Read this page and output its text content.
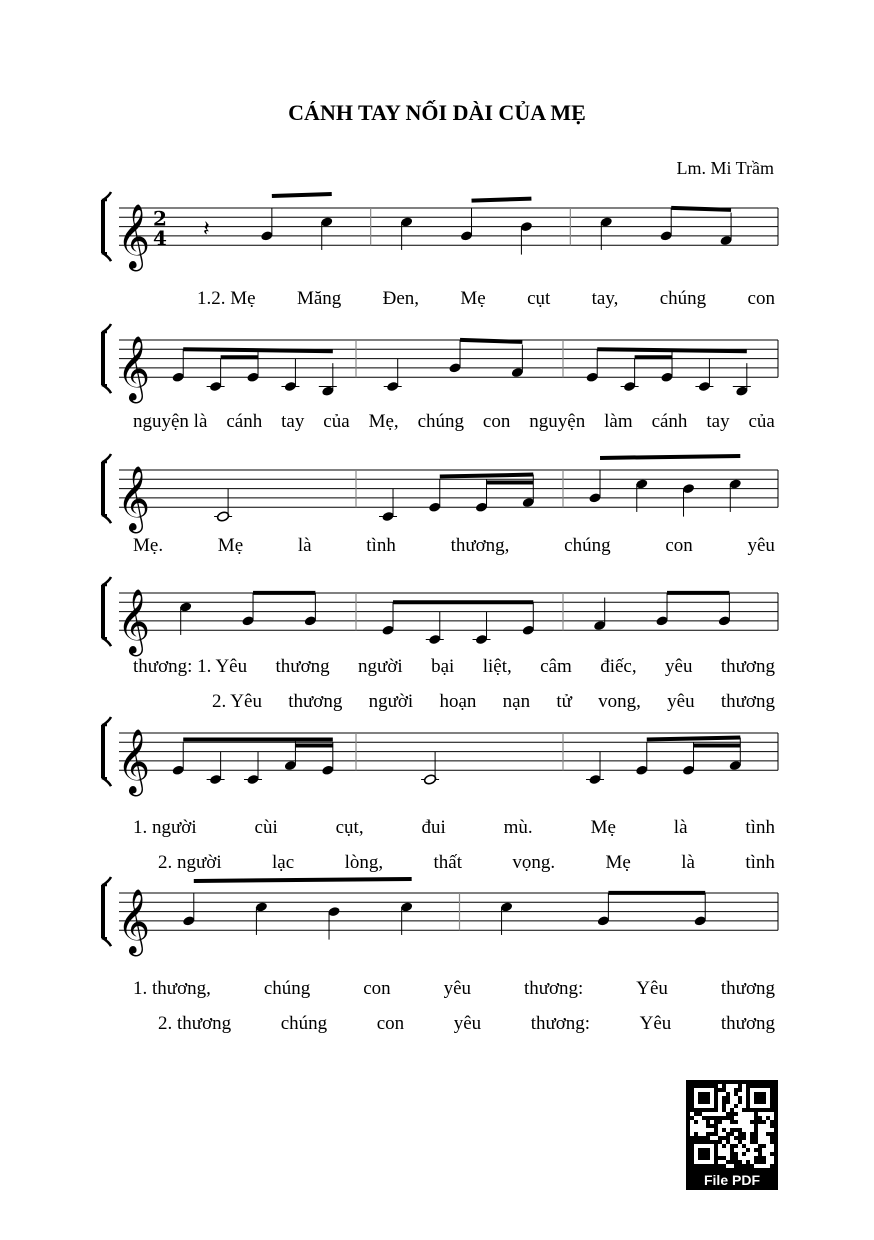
CÁNH TAY NỐI DÀI CỦA MẸ
Lm. Mi Trầm
File PDF
𝄞 2
4 𝄽
1.2. Mẹ Măng Đen, Mẹ cụt tay, chúng con
𝄞
nguyện là cánh tay của Mẹ, chúng con nguyện làm cánh tay của
𝄞
Mẹ.	Mẹ	là	tình	thương,	chúng	con	yêu
𝄞
thương: 1. Yêu thương người bại liệt, câm điếc, yêu thương
2. Yêu thương người hoạn nạn tử vong, yêu thương
𝄞
1. người	cùi	cụt,	đui	mù.	Mẹ	là	tình
2. người	lạc	lòng,	thất	vọng.	Mẹ	là	tình
𝄞
1. thương,	chúng	con	yêu	thương:	Yêu	thương
2. thương	chúng	con	yêu	thương:	Yêu	thương
